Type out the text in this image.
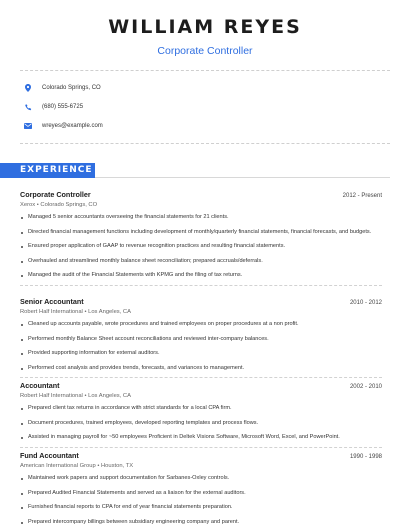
WILLIAM REYES
Corporate Controller
Colorado Springs, CO
(680) 555-6725
wreyes@example.com
EXPERIENCE
Corporate Controller	2012 - Present
Xerox • Colorado Springs, CO
Managed 5 senior accountants overseeing the financial statements for 21 clients.
Directed financial management functions including development of monthly/quarterly financial statements, financial forecasts, and budgets.
Ensured proper application of GAAP to revenue recognition practices and resulting financial statements.
Overhauled and streamlined monthly balance sheet reconciliation; prepared accruals/deferrals.
Managed the audit of the Financial Statements with KPMG and the filing of tax returns.
Senior Accountant	2010 - 2012
Robert Half International • Los Angeles, CA
Cleaned up accounts payable, wrote procedures and trained employees on proper procedures at a non profit.
Performed monthly Balance Sheet account reconciliations and reviewed inter-company balances.
Provided supporting information for external auditors.
Performed cost analysis and provides trends, forecasts, and variances to management.
Accountant	2002 - 2010
Robert Half International • Los Angeles, CA
Prepared client tax returns in accordance with strict standards for a local CPA firm.
Document procedures, trained employees, developed reporting templates and process flows.
Assisted in managing payroll for ~50 employees Proficient in Deltek Visions Software, Microsoft Word, Excel, and PowerPoint.
Fund Accountant	1990 - 1998
American International Group • Houston, TX
Maintained work papers and support documentation for Sarbanes-Oxley controls.
Prepared Audited Financial Statements and served as a liaison for the external auditors.
Furnished financial reports to CPA for end of year financial statements preparation.
Prepared intercompany billings between subsidiary engineering company and parent.
